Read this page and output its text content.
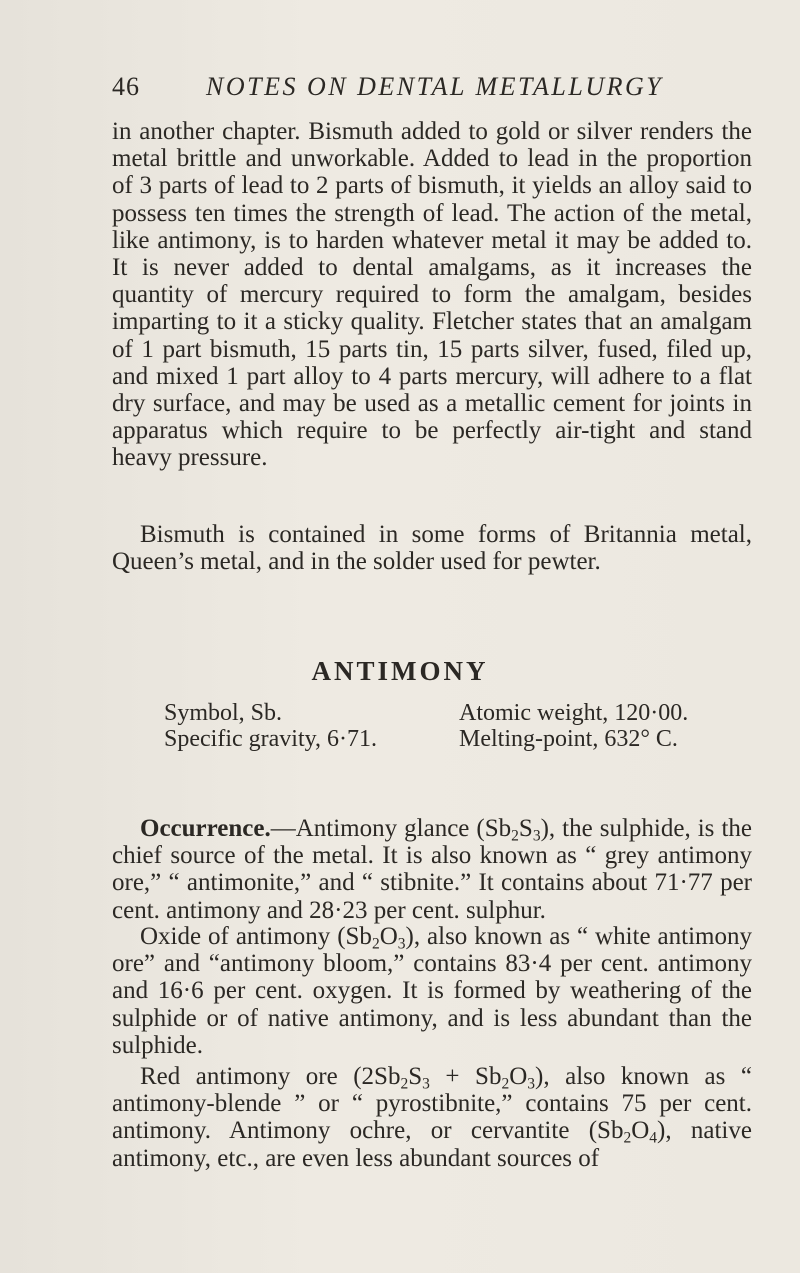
46	NOTES ON DENTAL METALLURGY

in another chapter. Bismuth added to gold or silver renders the metal brittle and unworkable. Added to lead in the proportion of 3 parts of lead to 2 parts of bismuth, it yields an alloy said to possess ten times the strength of lead. The action of the metal, like antimony, is to harden whatever metal it may be added to. It is never added to dental amalgams, as it increases the quantity of mercury required to form the amalgam, besides imparting to it a sticky quality. Fletcher states that an amalgam of 1 part bismuth, 15 parts tin, 15 parts silver, fused, filed up, and mixed 1 part alloy to 4 parts mercury, will adhere to a flat dry surface, and may be used as a metallic cement for joints in apparatus which require to be perfectly air-tight and stand heavy pressure.

Bismuth is contained in some forms of Britannia metal, Queen’s metal, and in the solder used for pewter.

ANTIMONY
Symbol, Sb.	Atomic weight, 120·00.
Specific gravity, 6·71.	Melting-point, 632° C.

Occurrence.—Antimony glance $(Sb_2S_3)$, the sulphide, is the chief source of the metal. It is also known as “ grey antimony ore,” “ antimonite,” and “ stibnite.” It contains about 71·77 per cent. antimony and 28·23 per cent. sulphur.

Oxide of antimony $(Sb_2O_3)$, also known as “ white antimony ore” and “antimony bloom,” contains 83·4 per cent. antimony and 16·6 per cent. oxygen. It is formed by weathering of the sulphide or of native antimony, and is less abundant than the sulphide.

Red antimony ore $(2Sb_2S_3 + Sb_2O_3)$, also known as “ antimony-blende ” or “ pyrostibnite,” contains 75 per cent. antimony. Antimony ochre, or cervantite $(Sb_2O_4)$, native antimony, etc., are even less abundant sources of
